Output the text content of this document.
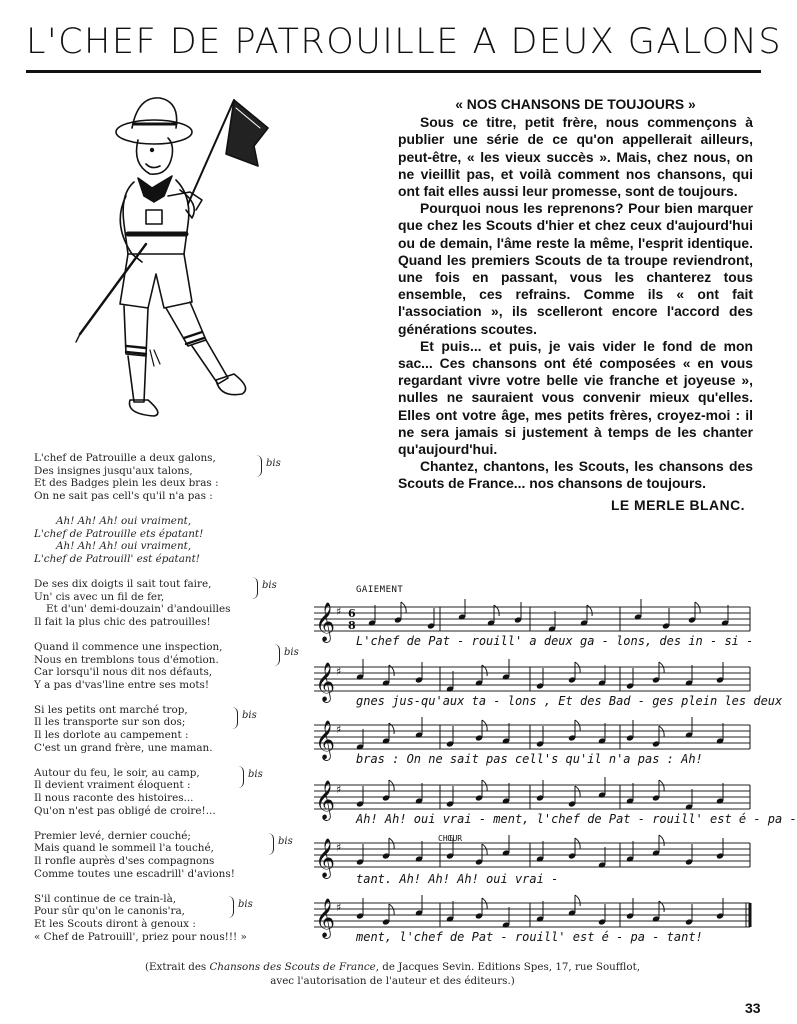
L'CHEF DE PATROUILLE A DEUX GALONS
« NOS CHANSONS DE TOUJOURS »

Sous ce titre, petit frère, nous commençons à publier une série de ce qu'on appellerait ailleurs, peut-être, « les vieux succès ». Mais, chez nous, on ne vieillit pas, et voilà comment nos chansons, qui ont fait elles aussi leur promesse, sont de toujours.

Pourquoi nous les reprenons? Pour bien marquer que chez les Scouts d'hier et chez ceux d'aujourd'hui ou de demain, l'âme reste la même, l'esprit identique. Quand les premiers Scouts de ta troupe reviendront, une fois en passant, vous les chanterez tous ensemble, ces refrains. Comme ils « ont fait l'association », ils scelleront encore l'accord des générations scoutes.

Et puis... et puis, je vais vider le fond de mon sac... Ces chansons ont été composées « en vous regardant vivre votre belle vie franche et joyeuse », nulles ne sauraient vous convenir mieux qu'elles. Elles ont votre âge, mes petits frères, croyez-moi : il ne sera jamais si justement à temps de les chanter qu'aujourd'hui.

Chantez, chantons, les Scouts, les chansons des Scouts de France... nos chansons de toujours.

LE MERLE BLANC.
L'chef de Patrouille a deux galons,
Des insignes jusqu'aux talons,
Et des Badges plein les deux bras :
On ne sait pas cell's qu'il n'a pas :
bis
Ah! Ah! Ah! oui vraiment,
L'chef de Patrouille ets épatant!
Ah! Ah! Ah! oui vraiment,
L'chef de Patrouill' est épatant!
De ses dix doigts il sait tout faire,
Un' cis avec un fil de fer,
Et d'un' demi-douzain' d'andouilles
Il fait la plus chic des patrouilles!
bis
Quand il commence une inspection,
Nous en tremblons tous d'émotion.
Car lorsqu'il nous dit nos défauts,
Y a pas d'vas'line entre ses mots!
bis
Si les petits ont marché trop,
Il les transporte sur son dos;
Il les dorlote au campement :
C'est un grand frère, une maman.
bis
Autour du feu, le soir, au camp,
Il devient vraiment éloquent :
Il nous raconte des histoires...
Qu'on n'est pas obligé de croire!...
bis
Premier levé, dernier couché;
Mais quand le sommeil l'a touché,
Il ronfle auprès d'ses compagnons
Comme toutes une escadrill' d'avions!
bis
S'il continue de ce train-là,
Pour sûr qu'on le canonis'ra,
Et les Scouts diront à genoux :
« Chef de Patrouill', priez pour nous!!! »
bis
𝄞 ♯ 6
8
𝄞 ♯
𝄞 ♯
𝄞 ♯
𝄞 ♯
𝄞 ♯
GAIEMENT
CHŒUR
L'chef de Pat - rouill' a deux ga - lons, des in - si -
gnes jus-qu'aux ta - lons , Et des Bad - ges plein les deux
bras : On ne sait pas cell's qu'il n'a pas : Ah!
Ah! Ah! oui vrai - ment, l'chef de Pat - rouill' est é - pa -
tant. Ah! Ah! Ah! oui vrai -
ment, l'chef de Pat - rouill' est é - pa - tant!
(Extrait des Chansons des Scouts de France, de Jacques Sevin. Editions Spes, 17, rue Soufflot,
avec l'autorisation de l'auteur et des éditeurs.)
33
